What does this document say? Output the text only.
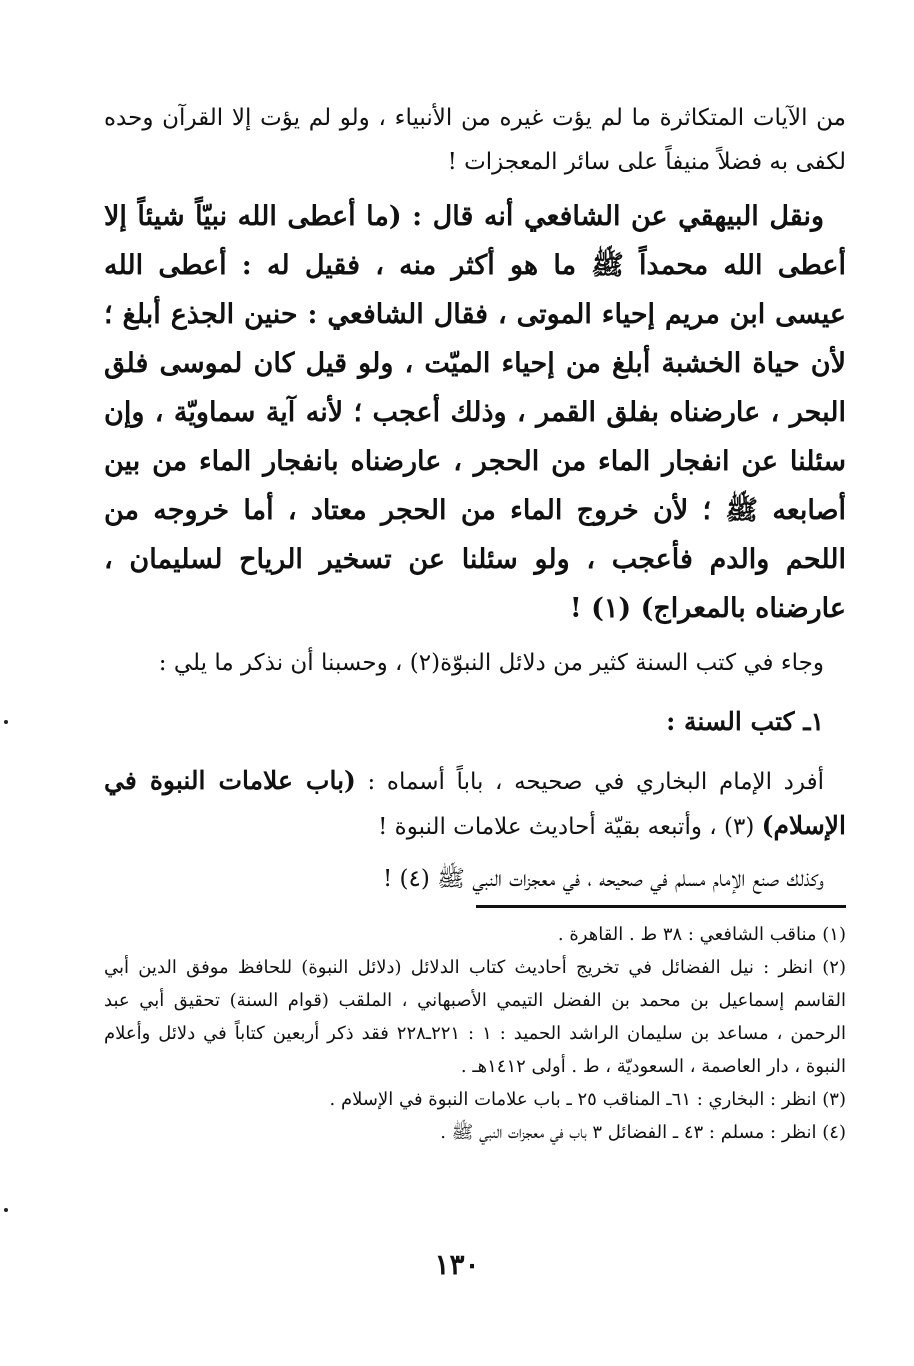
من الآيات المتكاثرة ما لم يؤت غيره من الأنبياء ، ولو لم يؤت إلا القرآن وحده لكفى به فضلاً منيفاً على سائر المعجزات !

ونقل البيهقي عن الشافعي أنه قال : (ما أعطى الله نبيّاً شيئاً إلا أعطى الله محمداً ﷺ ما هو أكثر منه ، فقيل له : أعطى الله عيسى ابن مريم إحياء الموتى ، فقال الشافعي : حنين الجذع أبلغ ؛ لأن حياة الخشبة أبلغ من إحياء الميّت ، ولو قيل كان لموسى فلق البحر ، عارضناه بفلق القمر ، وذلك أعجب ؛ لأنه آية سماويّة ، وإن سئلنا عن انفجار الماء من الحجر ، عارضناه بانفجار الماء من بين أصابعه ﷺ ؛ لأن خروج الماء من الحجر معتاد ، أما خروجه من اللحم والدم فأعجب ، ولو سئلنا عن تسخير الرياح لسليمان ، عارضناه بالمعراج) (١) !

وجاء في كتب السنة كثير من دلائل النبوّة(٢) ، وحسبنا أن نذكر ما يلي :

١ـ كتب السنة :

أفرد الإمام البخاري في صحيحه ، باباً أسماه : (باب علامات النبوة في الإسلام) (٣) ، وأتبعه بقيّة أحاديث علامات النبوة !

وكذلك صنع الإمام مسلم في صحيحه ، في معجزات النبي ﷺ (٤) !

(١) مناقب الشافعي : ٣٨ ط . القاهرة .

(٢) انظر : نيل الفضائل في تخريج أحاديث كتاب الدلائل (دلائل النبوة) للحافظ موفق الدين أبي القاسم إسماعيل بن محمد بن الفضل التيمي الأصبهاني ، الملقب (قوام السنة) تحقيق أبي عبد الرحمن ، مساعد بن سليمان الراشد الحميد : ١ : ٢٢١ـ٢٢٨ فقد ذكر أربعين كتاباً في دلائل وأعلام النبوة ، دار العاصمة ، السعوديّة ، ط . أولى ١٤١٢هـ .

(٣) انظر : البخاري : ٦١ـ المناقب ٢٥ ـ باب علامات النبوة في الإسلام .

(٤) انظر : مسلم : ٤٣ ـ الفضائل ٣ باب في معجزات النبي ﷺ .

١٣٠
